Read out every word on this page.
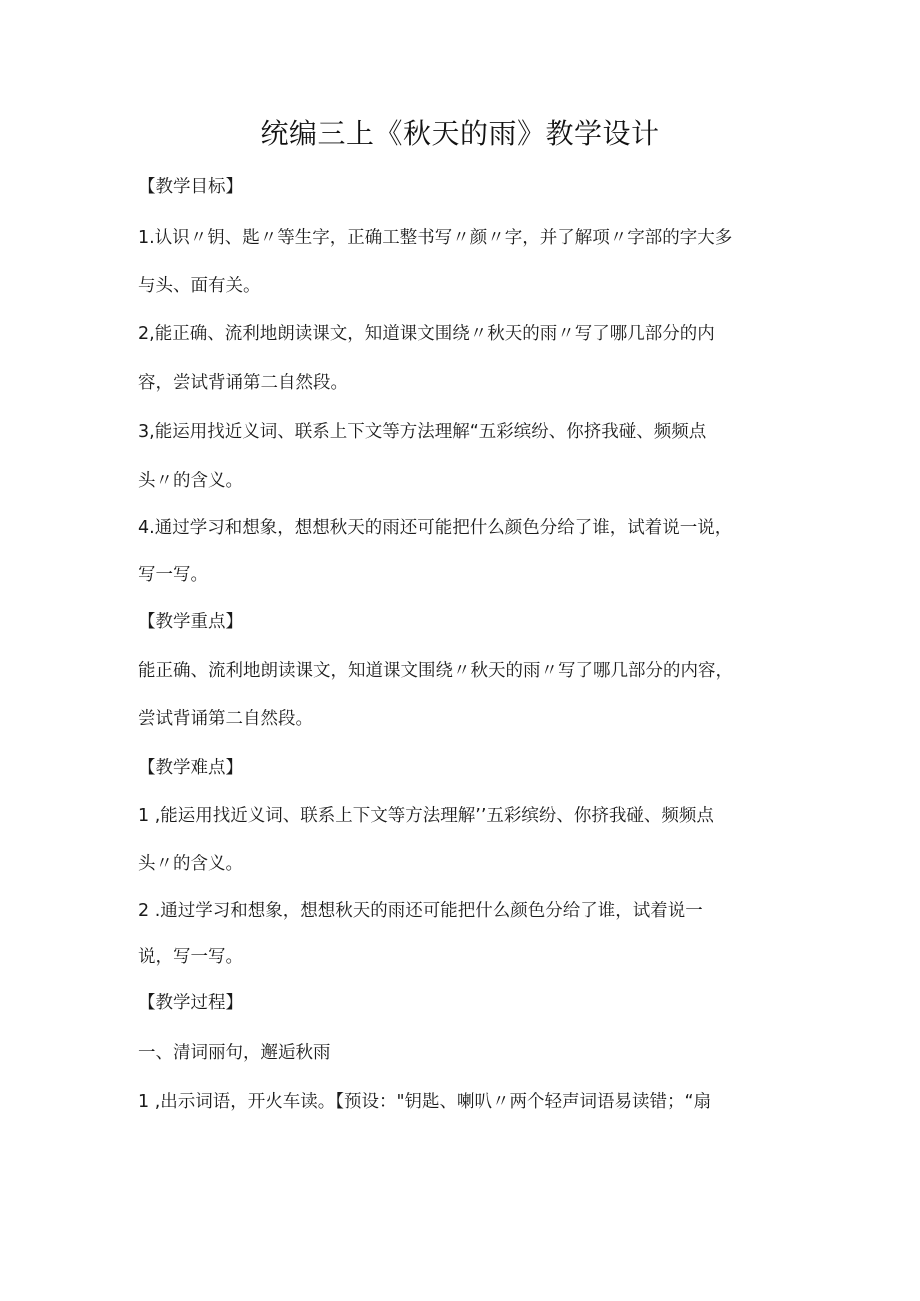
统编三上《秋天的雨》教学设计
【教学目标】
1.认识〃钥、匙〃等生字，正确工整书写〃颜〃字，并了解项〃字部的字大多
与头、面有关。
2,能正确、流利地朗读课文，知道课文围绕〃秋天的雨〃写了哪几部分的内
容，尝试背诵第二自然段。
3,能运用找近义词、联系上下文等方法理解“五彩缤纷、你挤我碰、频频点
头〃的含义。
4.通过学习和想象，想想秋天的雨还可能把什么颜色分给了谁，试着说一说，
写一写。
【教学重点】
能正确、流利地朗读课文，知道课文围绕〃秋天的雨〃写了哪几部分的内容，
尝试背诵第二自然段。
【教学难点】
1 ,能运用找近义词、联系上下文等方法理解’’五彩缤纷、你挤我碰、频频点
头〃的含义。
2 .通过学习和想象，想想秋天的雨还可能把什么颜色分给了谁，试着说一
说，写一写。
【教学过程】
一、清词丽句，邂逅秋雨
1 ,出示词语，开火车读。【预设："钥匙、喇叭〃两个轻声词语易读错；“扇
